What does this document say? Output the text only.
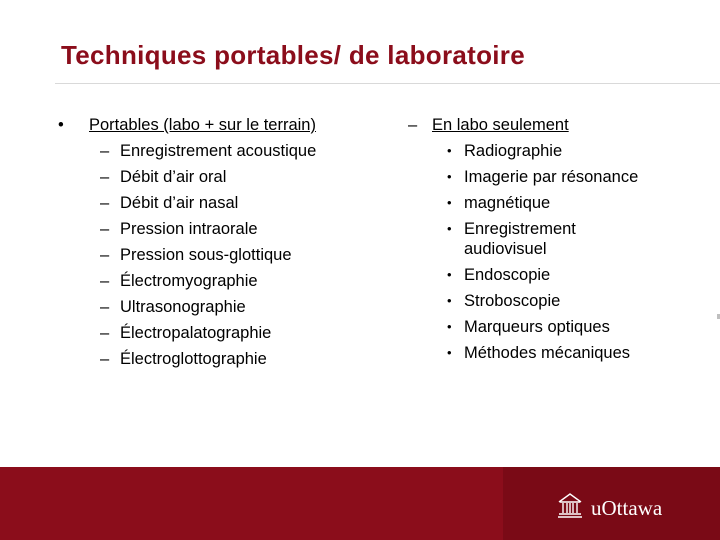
Techniques portables/ de laboratoire
• Portables (labo + sur le terrain)
– Enregistrement acoustique
– Débit d’air oral
– Débit d’air nasal
– Pression intraorale
– Pression sous-glottique
– Électromyographie
– Ultrasonographie
– Électropalatographie
– Électroglottographie
– En labo seulement
• Radiographie
• Imagerie par résonance
• magnétique
• Enregistrement audiovisuel
• Endoscopie
• Stroboscopie
• Marqueurs optiques
• Méthodes mécaniques
uOttawa
